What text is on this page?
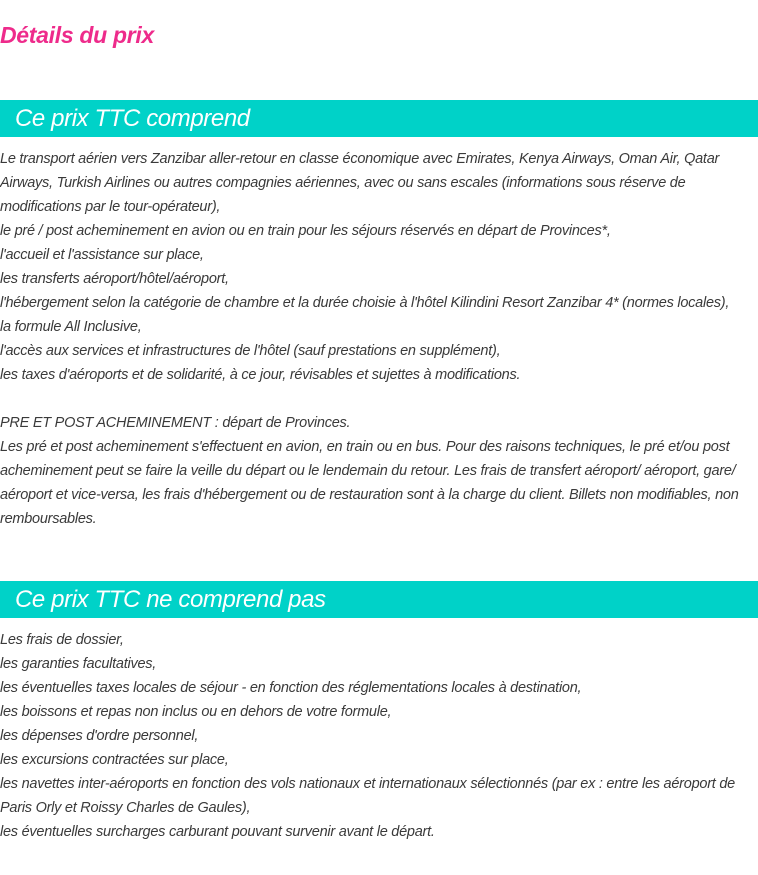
Détails du prix
Ce prix TTC comprend

Le transport aérien vers Zanzibar aller-retour en classe économique avec Emirates, Kenya Airways, Oman Air, Qatar Airways, Turkish Airlines ou autres compagnies aériennes, avec ou sans escales (informations sous réserve de modifications par le tour-opérateur),

le pré / post acheminement en avion ou en train pour les séjours réservés en départ de Provinces*,

l'accueil et l'assistance sur place,

les transferts aéroport/hôtel/aéroport,

l'hébergement selon la catégorie de chambre et la durée choisie à l'hôtel Kilindini Resort Zanzibar 4* (normes locales),

la formule All Inclusive,

l'accès aux services et infrastructures de l'hôtel (sauf prestations en supplément),

les taxes d'aéroports et de solidarité, à ce jour, révisables et sujettes à modifications.

PRE ET POST ACHEMINEMENT : départ de Provinces.

Les pré et post acheminement s'effectuent en avion, en train ou en bus. Pour des raisons techniques, le pré et/ou post acheminement peut se faire la veille du départ ou le lendemain du retour. Les frais de transfert aéroport/ aéroport, gare/ aéroport et vice-versa, les frais d'hébergement ou de restauration sont à la charge du client. Billets non modifiables, non remboursables.

Ce prix TTC ne comprend pas

Les frais de dossier,

les garanties facultatives,

les éventuelles taxes locales de séjour - en fonction des réglementations locales à destination,

les boissons et repas non inclus ou en dehors de votre formule,

les dépenses d'ordre personnel,

les excursions contractées sur place,

les navettes inter-aéroports en fonction des vols nationaux et internationaux sélectionnés (par ex : entre les aéroport de Paris Orly et Roissy Charles de Gaules),

les éventuelles surcharges carburant pouvant survenir avant le départ.
